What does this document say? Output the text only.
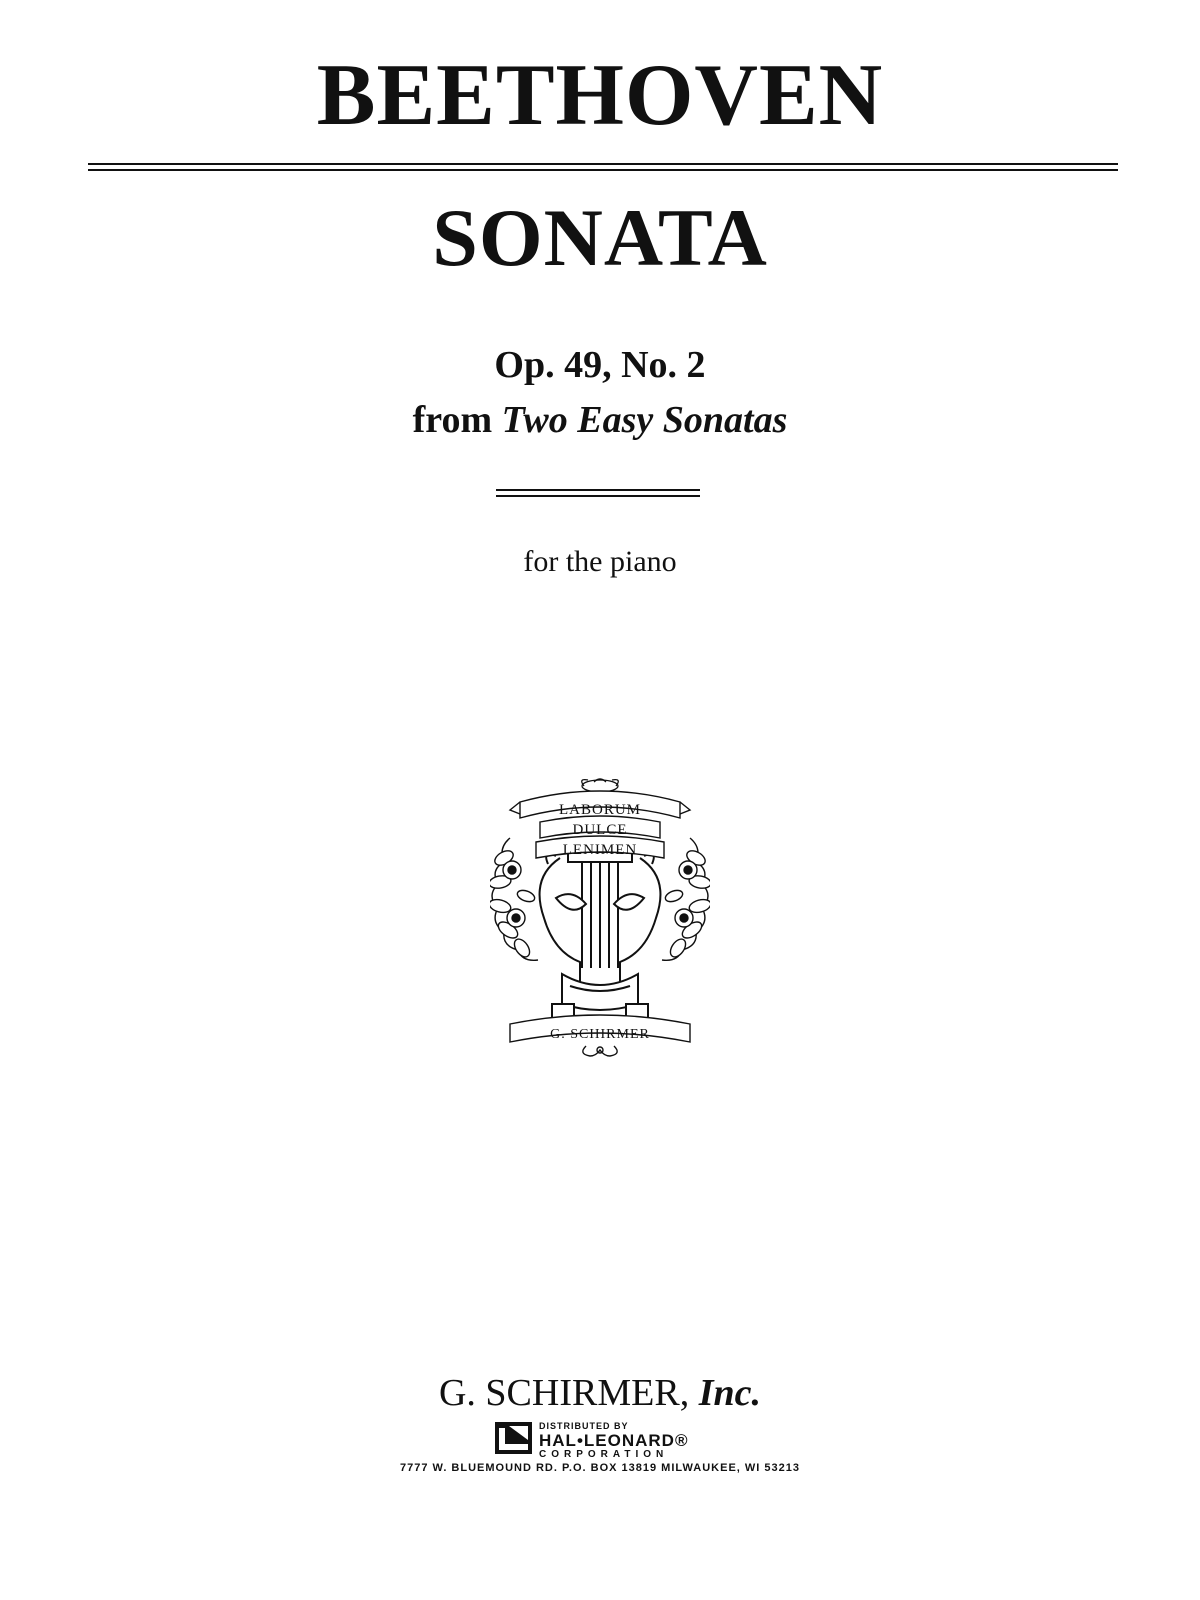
BEETHOVEN
SONATA
Op. 49, No. 2
from Two Easy Sonatas
for the piano
LABORUM
DULCE
LENIMEN
G. SCHIRMER
G. SCHIRMER, Inc.
DISTRIBUTED BY
HAL•LEONARD®
CORPORATION
7777 W. BLUEMOUND RD. P.O. BOX 13819 MILWAUKEE, WI 53213
